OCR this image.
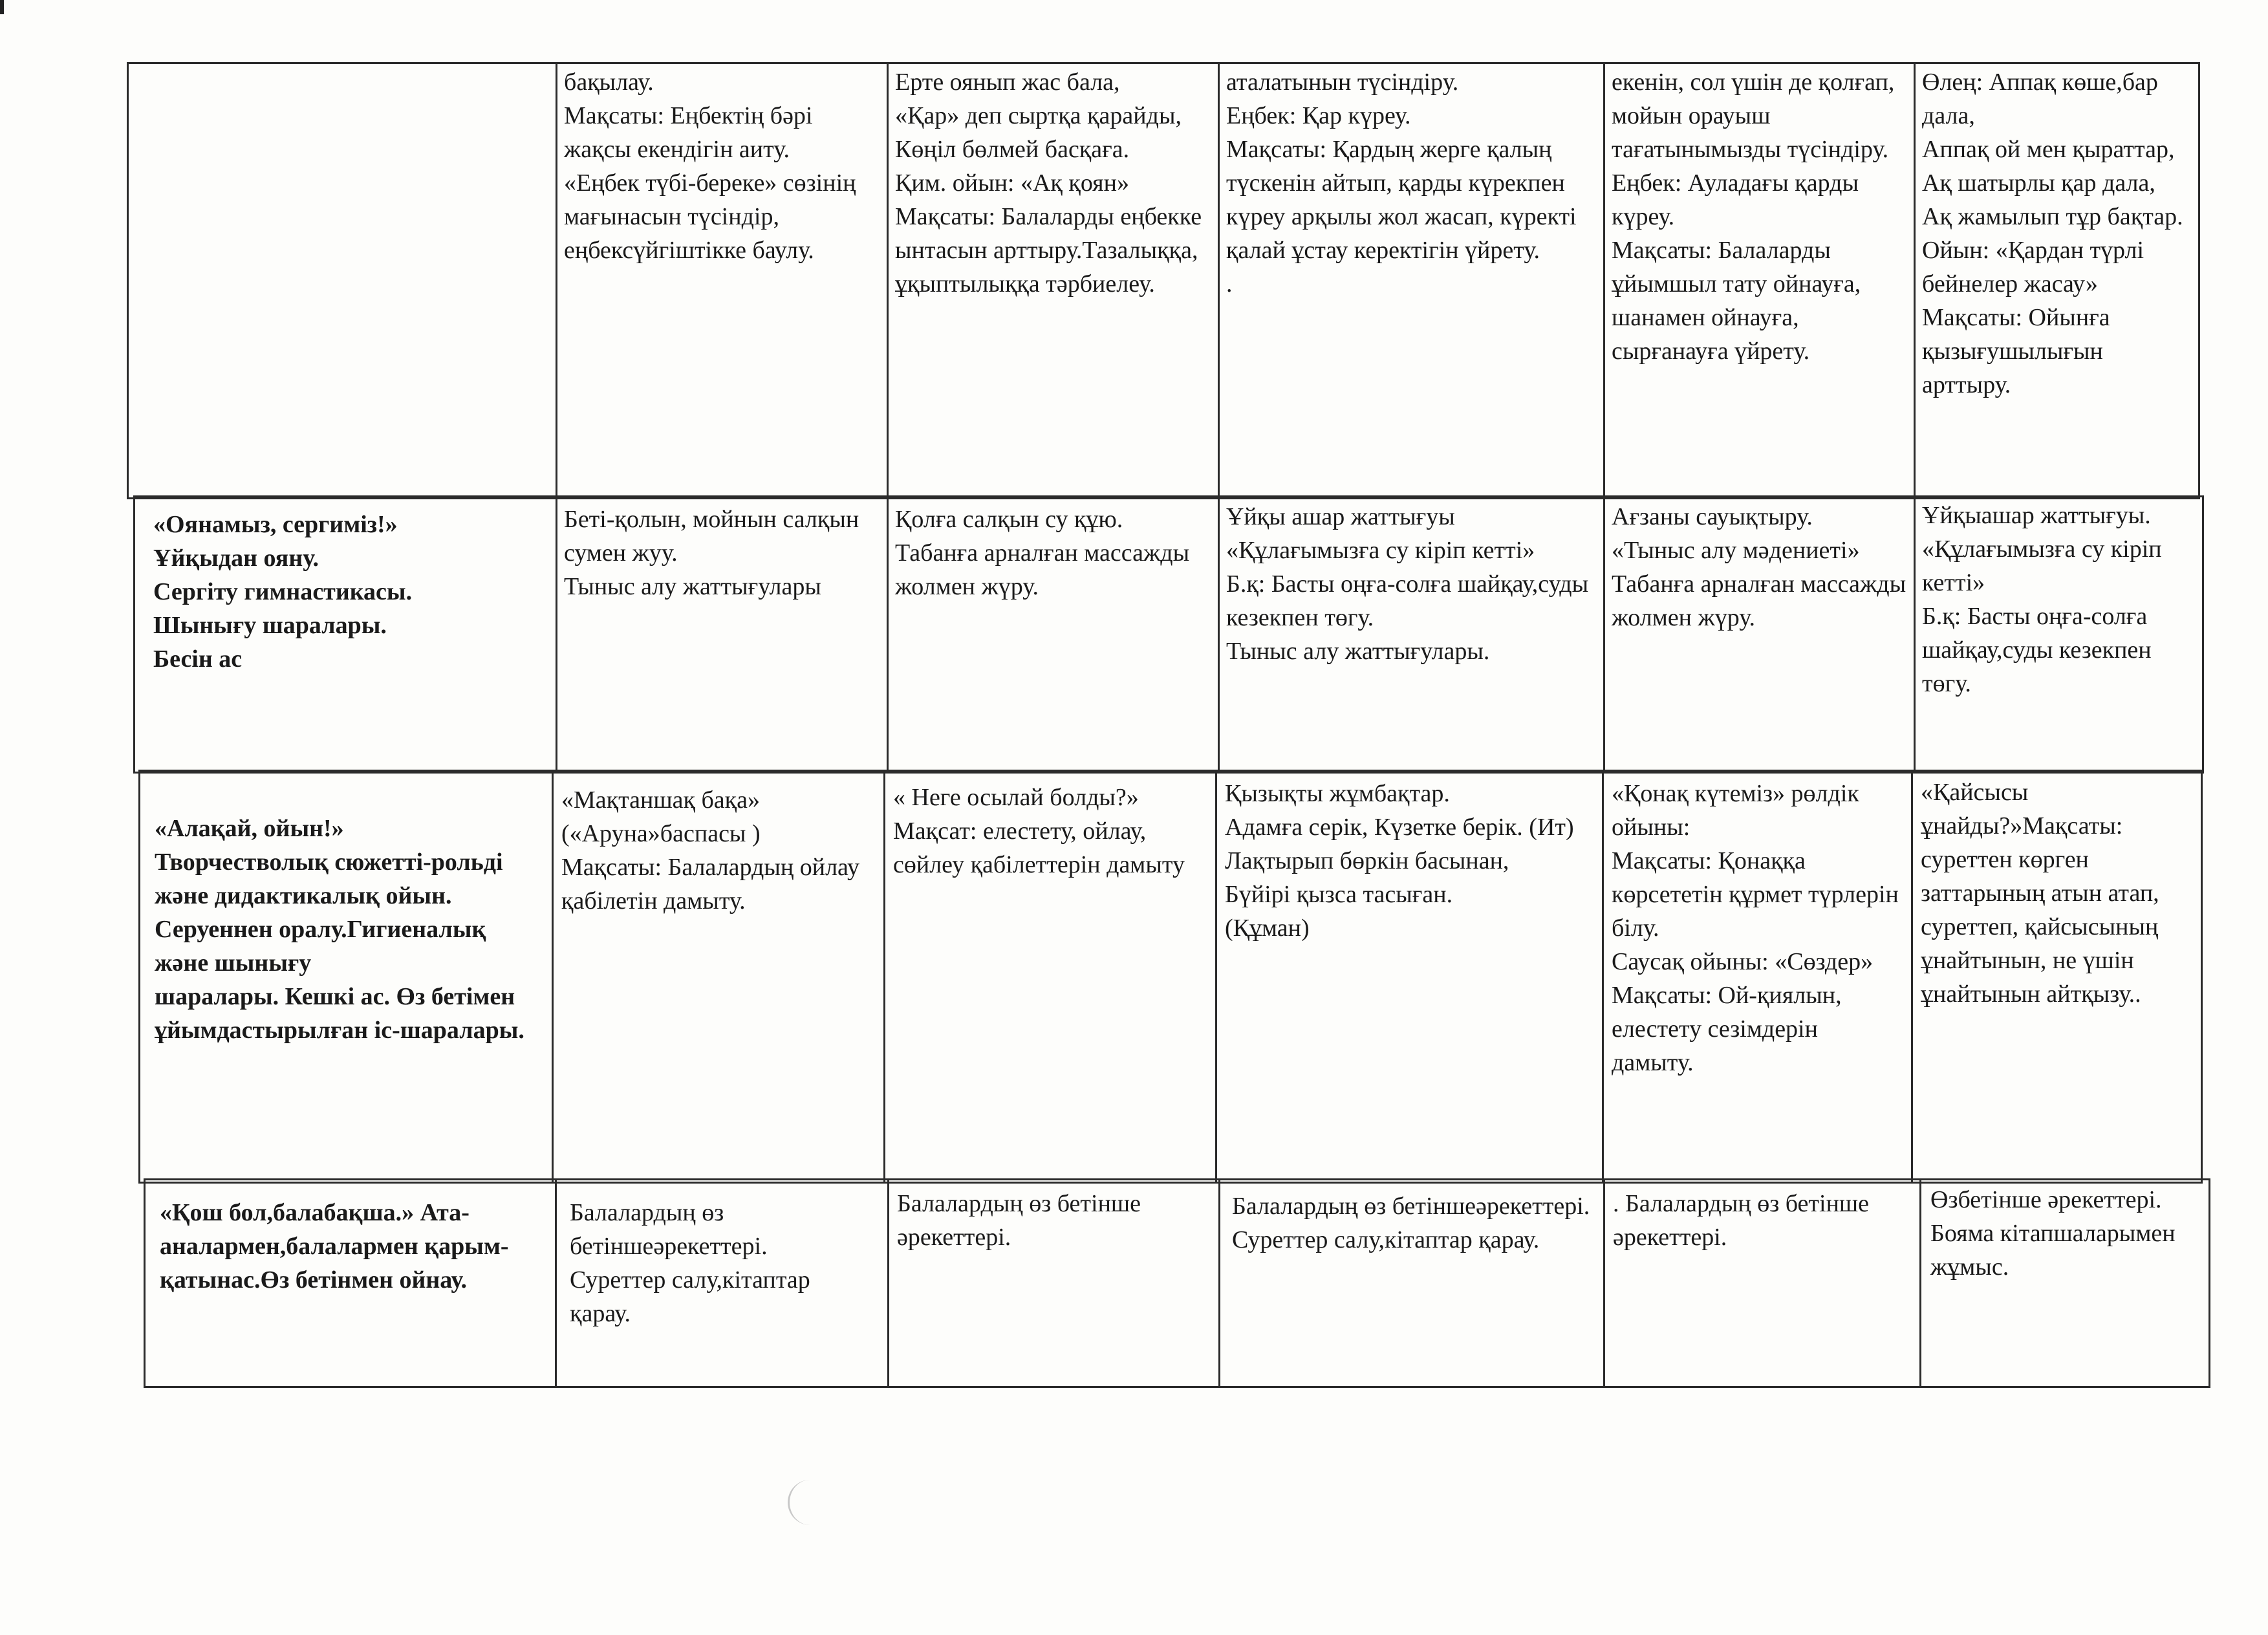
бақылау.
Мақсаты: Еңбектің бәрі жақсы екендігін аиту.
«Еңбек түбі-береке» сөзінің мағынасын түсіндір, еңбексүйгіштікке баулу.
Ерте оянып жас бала,
«Қар» деп сыртқа қарайды,
Көңіл бөлмей басқаға.
Қим. ойын: «Ақ қоян»
Мақсаты: Балаларды еңбекке ынтасын арттыру.Тазалыққа, ұқыптылыққа тәрбиелеу.
аталатынын түсіндіру.
Еңбек: Қар күреу.
Мақсаты: Қардың жерге қалың түскенін айтып, қарды күрекпен күреу арқылы жол жасап, күректі қалай ұстау керектігін үйрету.
.
екенін, сол үшін де қолғап, мойын орауыш тағатынымызды түсіндіру.
Еңбек: Ауладағы қарды күреу.
Мақсаты: Балаларды ұйымшыл тату ойнауға, шанамен ойнауға, сырғанауға үйрету.
Өлең: Аппақ көше,бар дала,
Аппақ ой мен қыраттар,
Ақ шатырлы қар дала,
Ақ жамылып тұр бақтар.
Ойын: «Қардан түрлі бейнелер жасау»
Мақсаты: Ойынға қызығушылығын арттыру.
«Оянамыз, сергиміз!»
Ұйқыдан ояну.
Сергіту гимнастикасы.
Шынығу шаралары.
Бесін ас
Беті-қолын, мойнын салқын сумен жуу.
Тыныс алу жаттығулары
Қолға салқын су құю.
Табанға арналған массажды жолмен жүру.
Ұйқы ашар жаттығуы
«Құлағымызға су кіріп кетті»
Б.қ: Басты оңға-солға шайқау,суды кезекпен төгу.
Тыныс алу жаттығулары.
Ағзаны сауықтыру.
«Тыныс алу мәдениеті»
Табанға арналған массажды жолмен жүру.
Ұйқыашар жаттығуы.
«Құлағымызға су кіріп кетті»
Б.қ: Басты оңға-солға шайқау,суды кезекпен төгу.
«Алақай, ойын!»
Творчестволық сюжетті-рольді және дидактикалық ойын.
Серуеннен оралу.Гигиеналық және шынығу
шаралары. Кешкі ас. Өз бетімен
ұйымдастырылған іс-шаралары.
«Мақтаншақ бақа»
(«Аруна»баспасы )
Мақсаты: Балалардың ойлау қабілетін дамыту.
« Неге осылай болды?»
Мақсат: елестету, ойлау, сөйлеу қабілеттерін дамыту
Қызықты жұмбақтар.
Адамға серік, Күзетке берік. (Ит)
Лақтырып бөркін басынан,
Бүйірі қызса тасыған.
(Құман)
«Қонақ күтеміз» рөлдік ойыны:
Мақсаты: Қонаққа көрсететін құрмет түрлерін білу.
Саусақ ойыны: «Сөздер»
Мақсаты: Ой-қиялын, елестету сезімдерін дамыту.
«Қайсысы ұнайды?»Мақсаты: суреттен көрген заттарының атын атап, суреттеп, қайсысының ұнайтынын, не үшін ұнайтынын айтқызу..
«Қош бол,балабақша.» Ата-аналармен,балалармен қарым-қатынас.Өз бетінмен ойнау.
Балалардың өз бетіншеәрекеттері.
Суреттер салу,кітаптар қарау.
Балалардың өз бетінше әрекеттері.
Балалардың өз бетіншеәрекеттері.
Суреттер салу,кітаптар қарау.
. Балалардың өз бетінше әрекеттері.
Өзбетінше әрекеттері.
Бояма кітапшаларымен жұмыс.
